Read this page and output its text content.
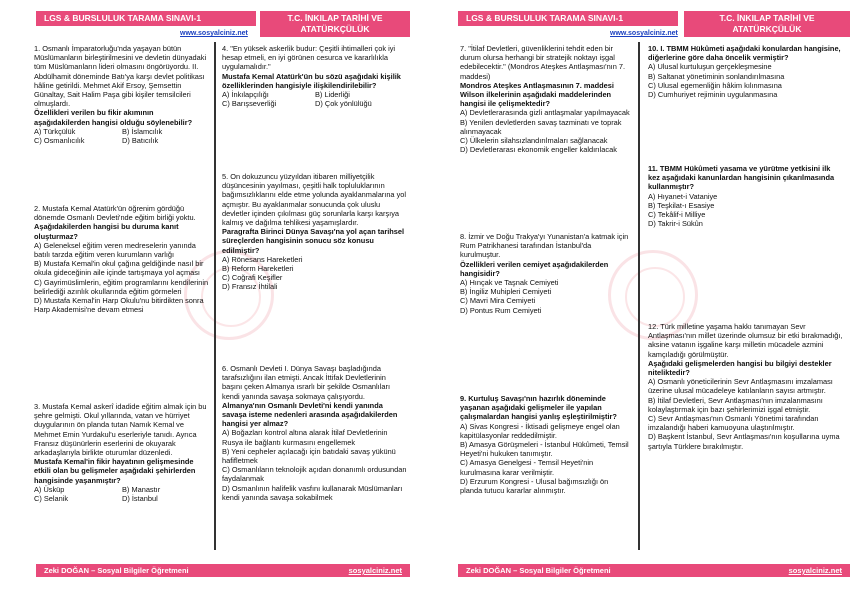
LGS & BURSLULUK TARAMA SINAVI-1	T.C. İNKILAP TARİHİ VE
ATATÜRKÇÜLÜK
www.sosyalciniz.net
1. Osmanlı İmparatorluğu'nda yaşayan bütün Müslümanların birleştirilmesini ve devletin dünyadaki tüm Müslümanların lideri olmasını öngörüyordu. II. Abdülhamit döneminde Batı'ya karşı devlet politikası hâline getirildi. Mehmet Akif Ersoy, Şemsettin Günaltay, Sait Halim Paşa gibi kişiler temsilcileri olmuşlardı.
Özellikleri verilen bu fikir akımının aşağıdakilerden hangisi olduğu söylenebilir?
A) Türkçülük	B) İslamcılık
C) Osmanlıcılık	D) Batıcılık
2. Mustafa Kemal Atatürk'ün öğrenim gördüğü dönemde Osmanlı Devleti'nde eğitim birliği yoktu.
Aşağıdakilerden hangisi bu duruma kanıt oluşturmaz?
A) Geleneksel eğitim veren medreselerin yanında batılı tarzda eğitim veren kurumların varlığı
B) Mustafa Kemal'in okul çağına geldiğinde nasıl bir okula gideceğinin aile içinde tartışmaya yol açması
C) Gayrimüslimlerin, eğitim programlarını kendilerinin belirlediği azınlık okullarında eğitim görmeleri
D) Mustafa Kemal'in Harp Okulu'nu bitirdikten sonra Harp Akademisi'ne devam etmesi
3. Mustafa Kemal askerî idadide eğitim almak için bu şehre gelmişti. Okul yıllarında, vatan ve hürriyet duygularının ön planda tutan Namık Kemal ve Mehmet Emin Yurdakul'u eserleriyle tanıdı. Ayrıca Fransız düşünürlerin eserlerini de okuyarak arkadaşlarıyla birlikte oturumlar düzenledi.
Mustafa Kemal'in fikir hayatının gelişmesinde etkili olan bu gelişmeler aşağıdaki şehirlerden hangisinde yaşanmıştır?
A) Üsküp	B) Manastır
C) Selanik	D) İstanbul
4. "En yüksek askerlik budur: Çeşitli ihtimalleri çok iyi hesap etmeli, en iyi görünen cesurca ve kararlılıkla uygulamalıdır."
Mustafa Kemal Atatürk'ün bu sözü aşağıdaki kişilik özelliklerinden hangisiyle ilişkilendirilebilir?
A) İnkılapçılığı	B) Liderliği
C) Barışseverliği	D) Çok yönlülüğü
5. On dokuzuncu yüzyıldan itibaren milliyetçilik düşüncesinin yayılması, çeşitli halk topluluklarının bağımsızlıklarını elde etme yolunda ayaklanmalarına yol açmıştır. Bu ayaklanmalar sonucunda çok uluslu devletler içinden çıkılması güç sorunlarla karşı karşıya kalmış ve dağılma tehlikesi yaşamışlardır.
Paragrafta Birinci Dünya Savaşı'na yol açan tarihsel süreçlerden hangisinin sonucu söz konusu edilmiştir?
A) Rönesans Hareketleri
B) Reform Hareketleri
C) Coğrafi Keşifler
D) Fransız İhtilali
6. Osmanlı Devleti I. Dünya Savaşı başladığında tarafsızlığını ilan etmişti. Ancak İttifak Devletlerinin başını çeken Almanya ısrarlı bir şekilde Osmanlıları kendi yanında savaşa sokmaya çalışıyordu.
Almanya'nın Osmanlı Devleti'ni kendi yanında savaşa isteme nedenleri arasında aşağıdakilerden hangisi yer almaz?
A) Boğazları kontrol altına alarak İtilaf Devletlerinin Rusya ile bağlantı kurmasını engellemek
B) Yeni cepheler açılacağı için batıdaki savaş yükünü hafifletmek
C) Osmanlıların teknolojik açıdan donanımlı ordusundan faydalanmak
D) Osmanlının halifelik vasfını kullanarak Müslümanları kendi yanında savaşa sokabilmek
Zeki DOĞAN – Sosyal Bilgiler Öğretmeni	sosyalciniz.net
LGS & BURSLULUK TARAMA SINAVI-1	T.C. İNKILAP TARİHİ VE
ATATÜRKÇÜLÜK
www.sosyalciniz.net
7. "İtilaf Devletleri, güvenliklerini tehdit eden bir durum olursa herhangi bir stratejik noktayı işgal edebilecektir." (Mondros Ateşkes Antlaşması'nın 7. maddesi)
Mondros Ateşkes Antlaşmasının 7. maddesi Wilson ilkelerinin aşağıdaki maddelerinden hangisi ile çelişmektedir?
A) Devletlerarasında gizli antlaşmalar yapılmayacak
B) Yenilen devletlerden savaş tazminatı ve toprak alınmayacak
C) Ülkelerin silahsızlandırılmaları sağlanacak
D) Devletlerarası ekonomik engeller kaldırılacak
8. İzmir ve Doğu Trakya'yı Yunanistan'a katmak için Rum Patrikhanesi tarafından İstanbul'da kurulmuştur.
Özellikleri verilen cemiyet aşağıdakilerden hangisidir?
A) Hınçak ve Taşnak Cemiyeti
B) İngiliz Muhipleri Cemiyeti
C) Mavri Mira Cemiyeti
D) Pontus Rum Cemiyeti
9. Kurtuluş Savaşı'nın hazırlık döneminde yaşanan aşağıdaki gelişmeler ile yapılan çalışmalardan hangisi yanlış eşleştirilmiştir?
A) Sivas Kongresi - İktisadi gelişmeye engel olan kapitülasyonlar reddedilmiştir.
B) Amasya Görüşmeleri - İstanbul Hükûmeti, Temsil Heyeti'ni hukuken tanımıştır.
C) Amasya Genelgesi - Temsil Heyeti'nin kurulmasına karar verilmiştir.
D) Erzurum Kongresi - Ulusal bağımsızlığı ön planda tutucu kararlar alınmıştır.
10. I. TBMM Hükûmeti aşağıdaki konulardan hangisine, diğerlerine göre daha öncelik vermiştir?
A) Ulusal kurtuluşun gerçekleşmesine
B) Saltanat yönetiminin sonlandırılmasına
C) Ulusal egemenliğin hâkim kılınmasına
D) Cumhuriyet rejiminin uygulanmasına
11. TBMM Hükûmeti yasama ve yürütme yetkisini ilk kez aşağıdaki kanunlardan hangisinin çıkarılmasında kullanmıştır?
A) Hıyanet-i Vataniye
B) Teşkilat-ı Esasiye
C) Tekâlif-i Milliye
D) Takrir-i Sükûn
12. Türk milletine yaşama hakkı tanımayan Sevr Antlaşması'nın millet üzerinde olumsuz bir etki bırakmadığı, aksine vatanın işgaline karşı milletin mücadele azmini kamçıladığı görülmüştür.
Aşağıdaki gelişmelerden hangisi bu bilgiyi destekler niteliktedir?
A) Osmanlı yöneticilerinin Sevr Antlaşmasını imzalaması üzerine ulusal mücadeleye katılanların sayısı artmıştır.
B) İtilaf Devletleri, Sevr Antlaşması'nın imzalanmasını kolaylaştırmak için bazı şehirlerimizi işgal etmiştir.
C) Sevr Antlaşması'nın Osmanlı Yönetimi tarafından imzalandığı haberi kamuoyuna ulaştırılmıştır.
D) Başkent İstanbul, Sevr Antlaşması'nın koşullarına uyma şartıyla Türklere bırakılmıştır.
Zeki DOĞAN – Sosyal Bilgiler Öğretmeni	sosyalciniz.net
